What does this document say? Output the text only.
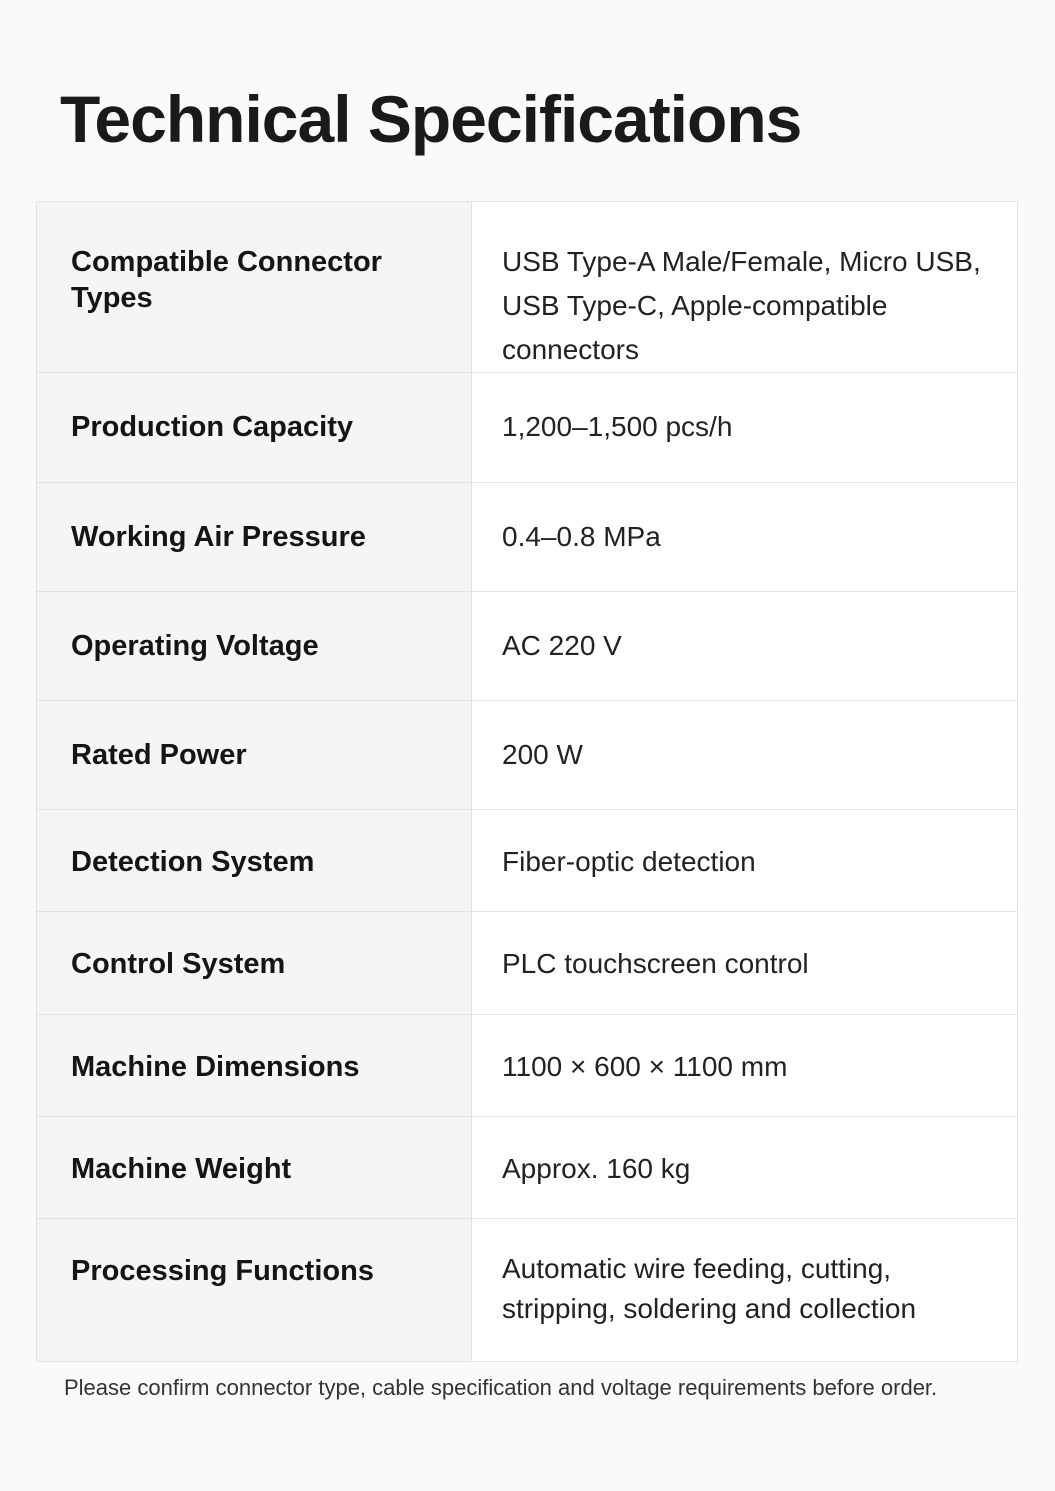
Technical Specifications
Compatible Connector Types	USB Type-A Male/Female, Micro USB, USB Type-C, Apple-compatible connectors

Production Capacity	1,200–1,500 pcs/h

Working Air Pressure	0.4–0.8 MPa

Operating Voltage	AC 220 V

Rated Power	200 W

Detection System	Fiber-optic detection

Control System	PLC touchscreen control

Machine Dimensions	1100 × 600 × 1100 mm

Machine Weight	Approx. 160 kg

Processing Functions	Automatic wire feeding, cutting, stripping, soldering and collection

Please confirm connector type, cable specification and voltage requirements before order.
